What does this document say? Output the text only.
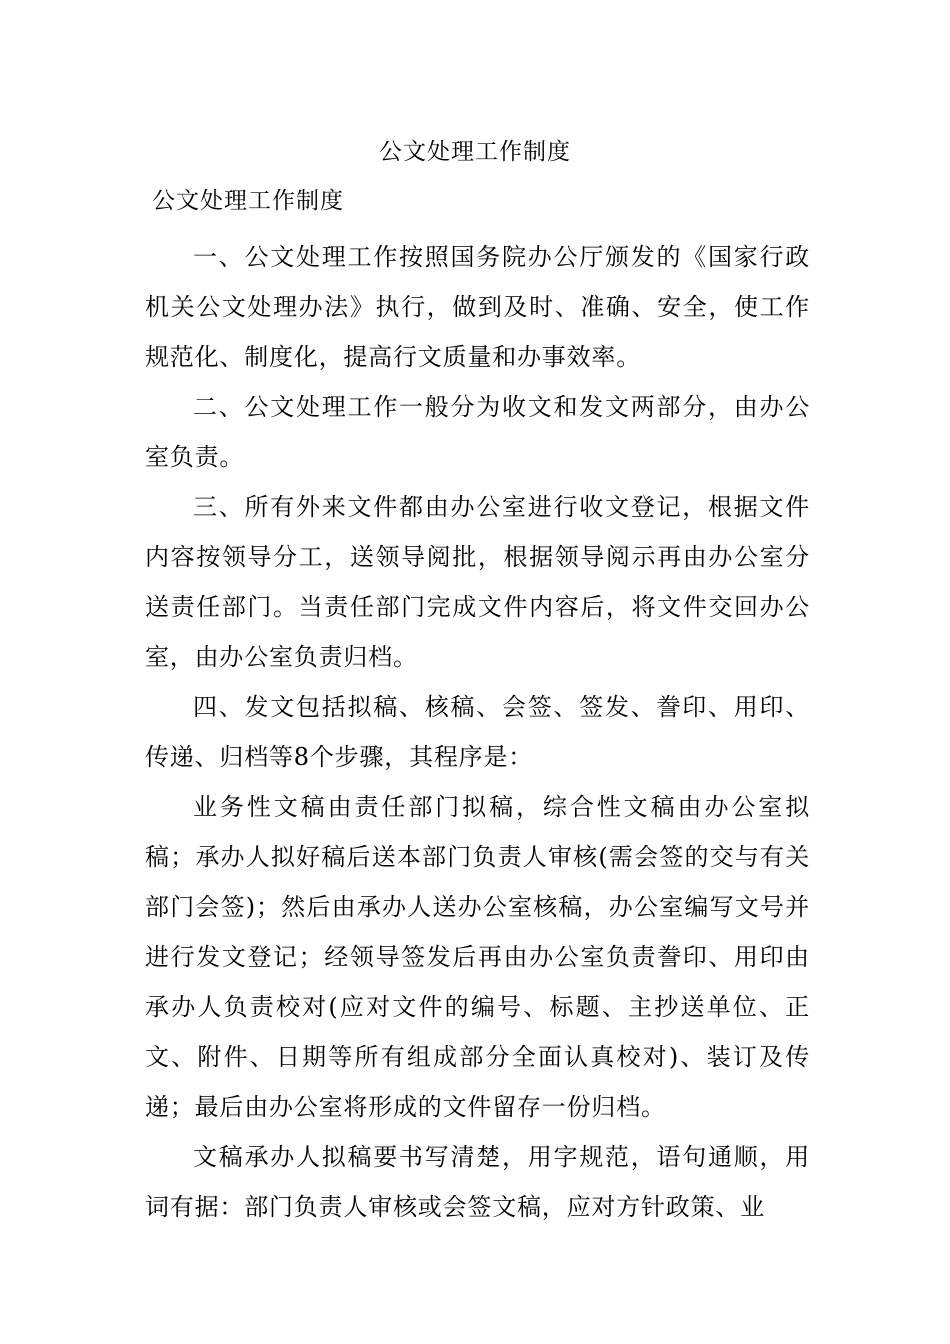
公文处理工作制度
公文处理工作制度

一、公文处理工作按照国务院办公厅颁发的《国家行政机关公文处理办法》执行，做到及时、准确、安全，使工作规范化、制度化，提高行文质量和办事效率。

二、公文处理工作一般分为收文和发文两部分，由办公室负责。

三、所有外来文件都由办公室进行收文登记，根据文件内容按领导分工，送领导阅批，根据领导阅示再由办公室分送责任部门。当责任部门完成文件内容后，将文件交回办公室，由办公室负责归档。

四、发文包括拟稿、核稿、会签、签发、誊印、用印、传递、归档等8个步骤，其程序是：

业务性文稿由责任部门拟稿，综合性文稿由办公室拟稿；承办人拟好稿后送本部门负责人审核(需会签的交与有关部门会签)；然后由承办人送办公室核稿，办公室编写文号并进行发文登记；经领导签发后再由办公室负责誊印、用印由承办人负责校对(应对文件的编号、标题、主抄送单位、正文、附件、日期等所有组成部分全面认真校对)、装订及传递；最后由办公室将形成的文件留存一份归档。

文稿承办人拟稿要书写清楚，用字规范，语句通顺，用词有据：部门负责人审核或会签文稿，应对方针政策、业
